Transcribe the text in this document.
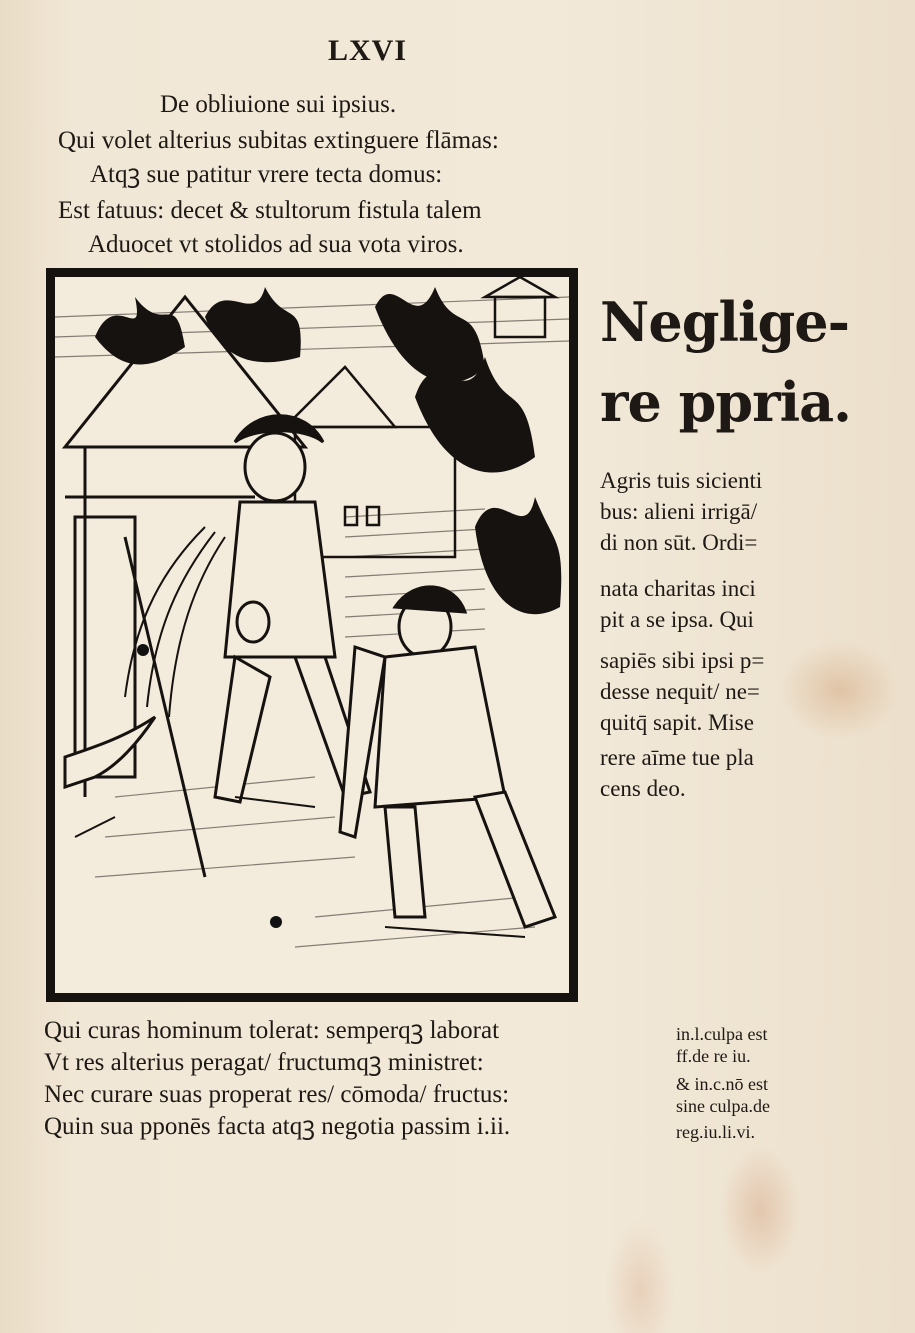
LXVI
De obliuione sui ipsius.
Qui volet alterius subitas extinguere flāmas:
Atqꝫ sue patitur vrere tecta domus:
Est fatuus: decet & stultorum fistula talem
Aduocet vt stolidos ad sua vota viros.
Neglige-
re ppria.
Agris tuis sicienti
bus: alieni irrigā/
di non sūt. Ordi=
nata charitas inci
pit a se ipsa. Qui
sapiēs sibi ipsi p=
desse nequit/ ne=
quitq̄ sapit. Mise
rere aīme tue pla
cens deo.
Qui curas hominum tolerat: semperqꝫ laborat
Vt res alterius peragat/ fructumqꝫ ministret:
Nec curare suas properat res/ cōmoda/ fructus:
Quin sua pponēs facta atqꝫ negotia passim i.ii.
in.l.culpa est
ff.de re iu.
& in.c.nō est
sine culpa.de
reg.iu.li.vi.
